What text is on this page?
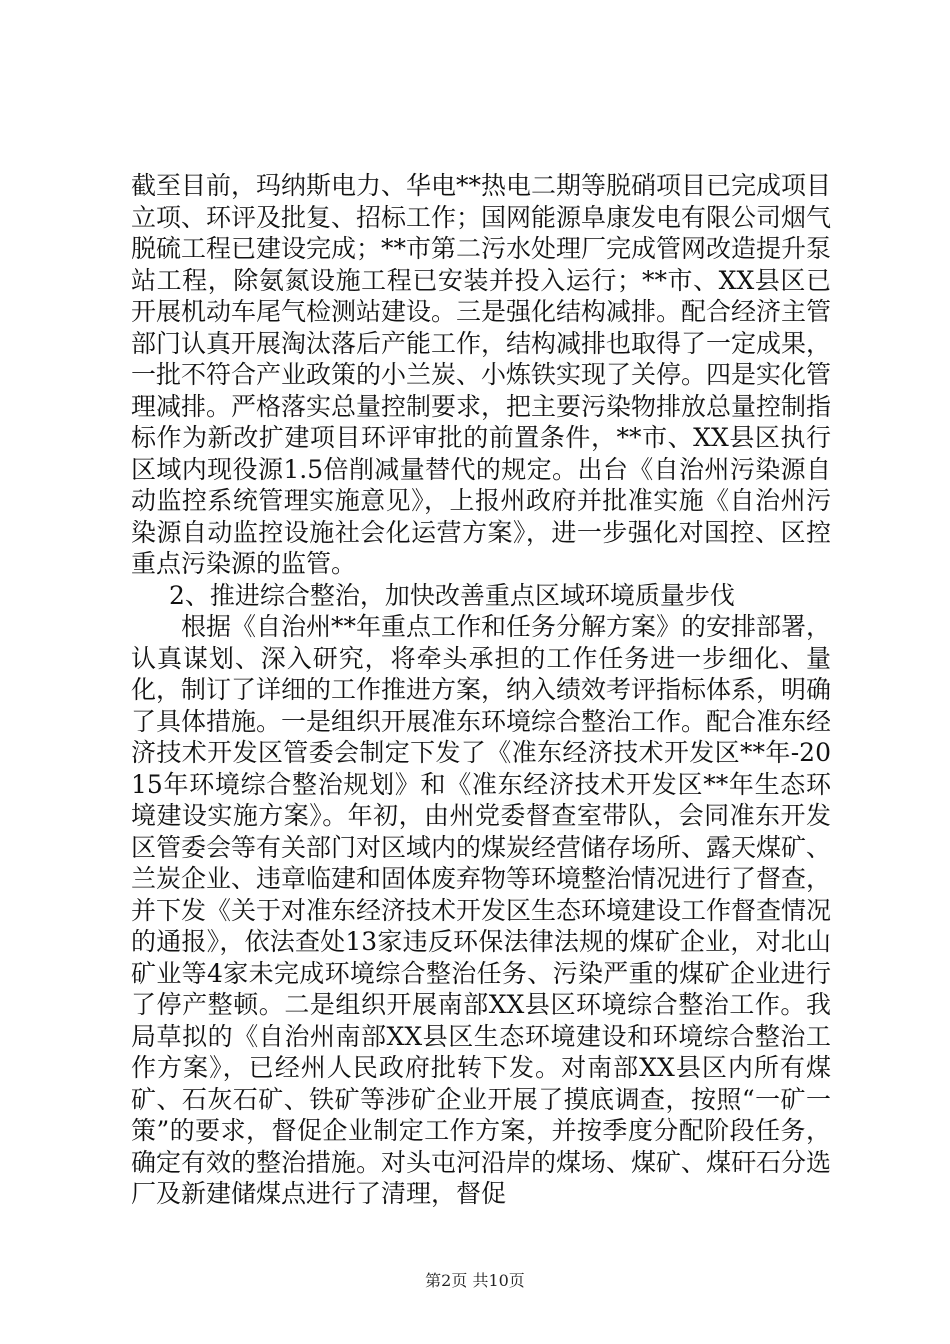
截至目前，玛纳斯电力、华电**热电二期等脱硝项目已完成项目立项、环评及批复、招标工作；国网能源阜康发电有限公司烟气脱硫工程已建设完成；**市第二污水处理厂完成管网改造提升泵站工程，除氨氮设施工程已安装并投入运行；**市、XX县区已开展机动车尾气检测站建设。三是强化结构减排。配合经济主管部门认真开展淘汰落后产能工作，结构减排也取得了一定成果，一批不符合产业政策的小兰炭、小炼铁实现了关停。四是实化管理减排。严格落实总量控制要求，把主要污染物排放总量控制指标作为新改扩建项目环评审批的前置条件，**市、XX县区执行区域内现役源1.5倍削减量替代的规定。出台《自治州污染源自动监控系统管理实施意见》，上报州政府并批准实施《自治州污染源自动监控设施社会化运营方案》，进一步强化对国控、区控重点污染源的监管。

2、推进综合整治，加快改善重点区域环境质量步伐

根据《自治州**年重点工作和任务分解方案》的安排部署，认真谋划、深入研究，将牵头承担的工作任务进一步细化、量化，制订了详细的工作推进方案，纳入绩效考评指标体系，明确了具体措施。一是组织开展准东环境综合整治工作。配合准东经济技术开发区管委会制定下发了《准东经济技术开发区**年-2015年环境综合整治规划》和《准东经济技术开发区**年生态环境建设实施方案》。年初，由州党委督查室带队，会同准东开发区管委会等有关部门对区域内的煤炭经营储存场所、露天煤矿、兰炭企业、违章临建和固体废弃物等环境整治情况进行了督查，并下发《关于对准东经济技术开发区生态环境建设工作督查情况的通报》，依法查处13家违反环保法律法规的煤矿企业，对北山矿业等4家未完成环境综合整治任务、污染严重的煤矿企业进行了停产整顿。二是组织开展南部XX县区环境综合整治工作。我局草拟的《自治州南部XX县区生态环境建设和环境综合整治工作方案》，已经州人民政府批转下发。对南部XX县区内所有煤矿、石灰石矿、铁矿等涉矿企业开展了摸底调查，按照“一矿一策”的要求，督促企业制定工作方案，并按季度分配阶段任务，确定有效的整治措施。对头屯河沿岸的煤场、煤矿、煤矸石分选厂及新建储煤点进行了清理，督促

第2页 共10页
